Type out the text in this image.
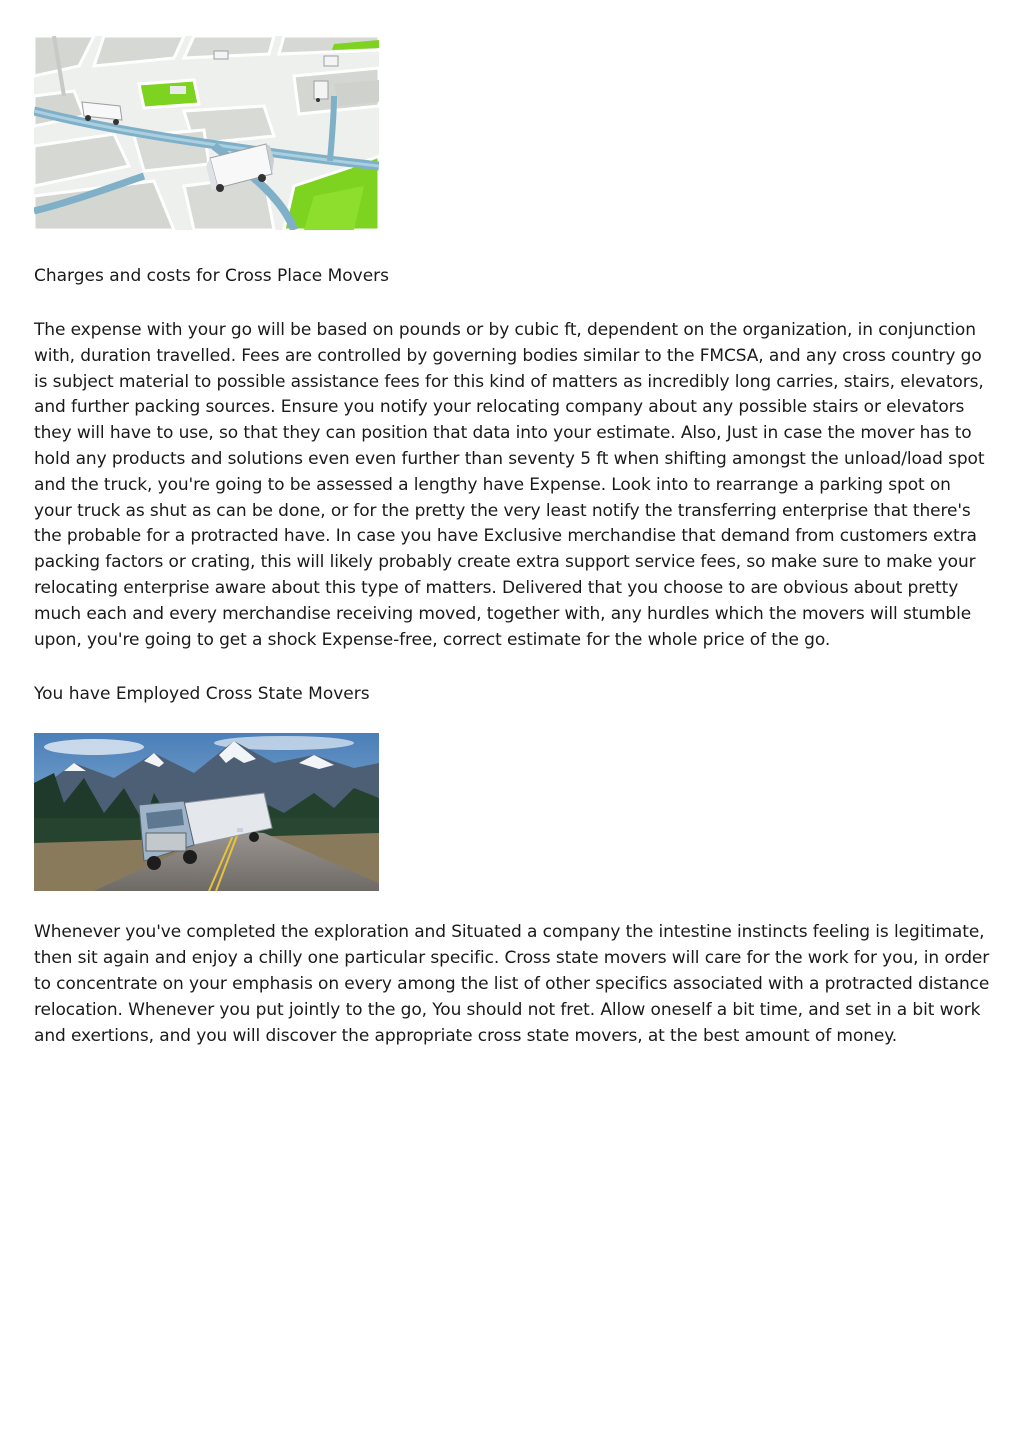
Charges and costs for Cross Place Movers

The expense with your go will be based on pounds or by cubic ft, dependent on the organization, in conjunction with, duration travelled. Fees are controlled by governing bodies similar to the FMCSA, and any cross country go is subject material to possible assistance fees for this kind of matters as incredibly long carries, stairs, elevators, and further packing sources. Ensure you notify your relocating company about any possible stairs or elevators they will have to use, so that they can position that data into your estimate. Also, Just in case the mover has to hold any products and solutions even even further than seventy 5 ft when shifting amongst the unload/load spot and the truck, you're going to be assessed a lengthy have Expense. Look into to rearrange a parking spot on your truck as shut as can be done, or for the pretty the very least notify the transferring enterprise that there's the probable for a protracted have. In case you have Exclusive merchandise that demand from customers extra packing factors or crating, this will likely probably create extra support service fees, so make sure to make your relocating enterprise aware about this type of matters. Delivered that you choose to are obvious about pretty much each and every merchandise receiving moved, together with, any hurdles which the movers will stumble upon, you're going to get a shock Expense-free, correct estimate for the whole price of the go.

You have Employed Cross State Movers

Whenever you've completed the exploration and Situated a company the intestine instincts feeling is legitimate, then sit again and enjoy a chilly one particular specific. Cross state movers will care for the work for you, in order to concentrate on your emphasis on every among the list of other specifics associated with a protracted distance relocation. Whenever you put jointly to the go, You should not fret. Allow oneself a bit time, and set in a bit work and exertions, and you will discover the appropriate cross state movers, at the best amount of money.
